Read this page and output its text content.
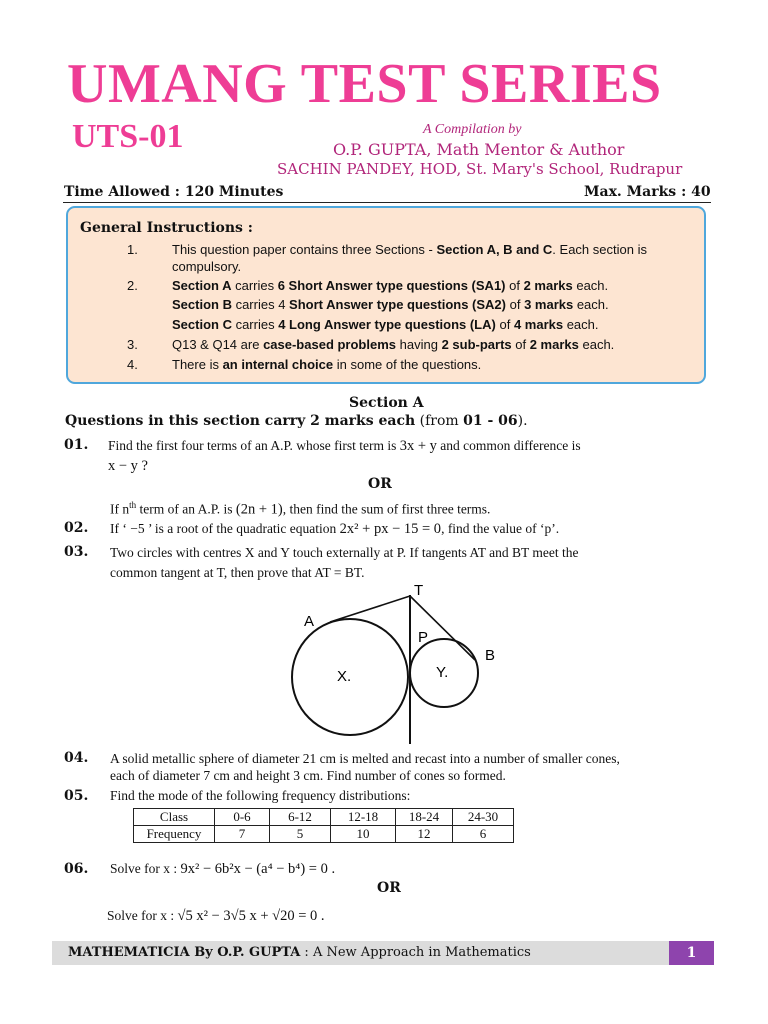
UMANG TEST SERIES
UTS-01	A Compilation by
O.P. GUPTA, Math Mentor & Author
SACHIN PANDEY, HOD, St. Mary's School, Rudrapur
Time Allowed : 120 Minutes	Max. Marks : 40
General Instructions :
1.	This question paper contains three Sections - Section A, B and C. Each section is compulsory.
2.	Section A carries 6 Short Answer type questions (SA1) of 2 marks each.
Section B carries 4 Short Answer type questions (SA2) of 3 marks each.
Section C carries 4 Long Answer type questions (LA) of 4 marks each.
3.	Q13 & Q14 are case-based problems having 2 sub-parts of 2 marks each.
4.	There is an internal choice in some of the questions.
Section A
Questions in this section carry 2 marks each (from 01 - 06).
01. Find the first four terms of an A.P. whose first term is 3x + y and common difference is
x − y ?
OR
If $n^{th}$ term of an A.P. is (2n + 1), then find the sum of first three terms.
02. If ‘ −5 ’ is a root of the quadratic equation 2x² + px − 15 = 0, find the value of ‘p’.
03. Two circles with centres X and Y touch externally at P. If tangents AT and BT meet the
common tangent at T, then prove that AT = BT.
T
A
P
B
X.	Y.
04. A solid metallic sphere of diameter 21 cm is melted and recast into a number of smaller cones,
each of diameter 7 cm and height 3 cm. Find number of cones so formed.
05. Find the mode of the following frequency distributions:
Class	0-6	6-12	12-18	18-24	24-30
Frequency	7	5	10	12	6
06. Solve for x : 9x² − 6b²x − (a⁴ − b⁴) = 0 .
OR
Solve for x : √5 x² − 3√5 x + √20 = 0 .
MATHEMATICIA By O.P. GUPTA : A New Approach in Mathematics	1
